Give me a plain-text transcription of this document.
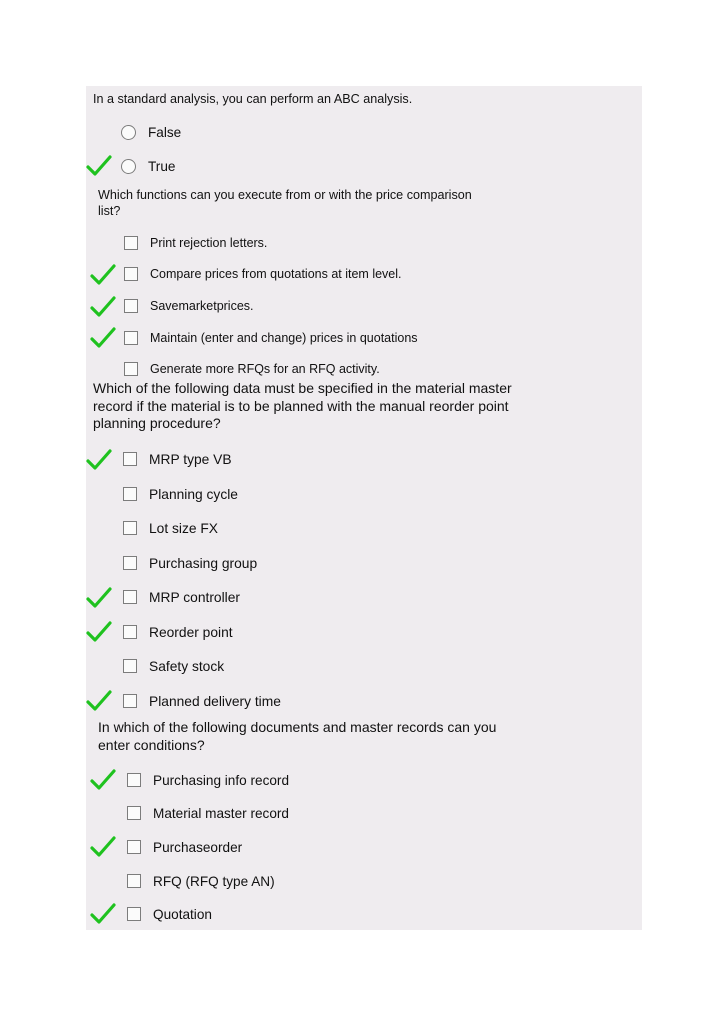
In a standard analysis, you can perform an ABC analysis.

False
True

Which functions can you execute from or with the price comparison list?

Print rejection letters.
Compare prices from quotations at item level.
Savemarketprices.
Maintain (enter and change) prices in quotations
Generate more RFQs for an RFQ activity.

Which of the following data must be specified in the material master record if the material is to be planned with the manual reorder point planning procedure?

MRP type VB
Planning cycle
Lot size FX
Purchasing group
MRP controller
Reorder point
Safety stock
Planned delivery time

In which of the following documents and master records can you enter conditions?

Purchasing info record
Material master record
Purchaseorder
RFQ (RFQ type AN)
Quotation
